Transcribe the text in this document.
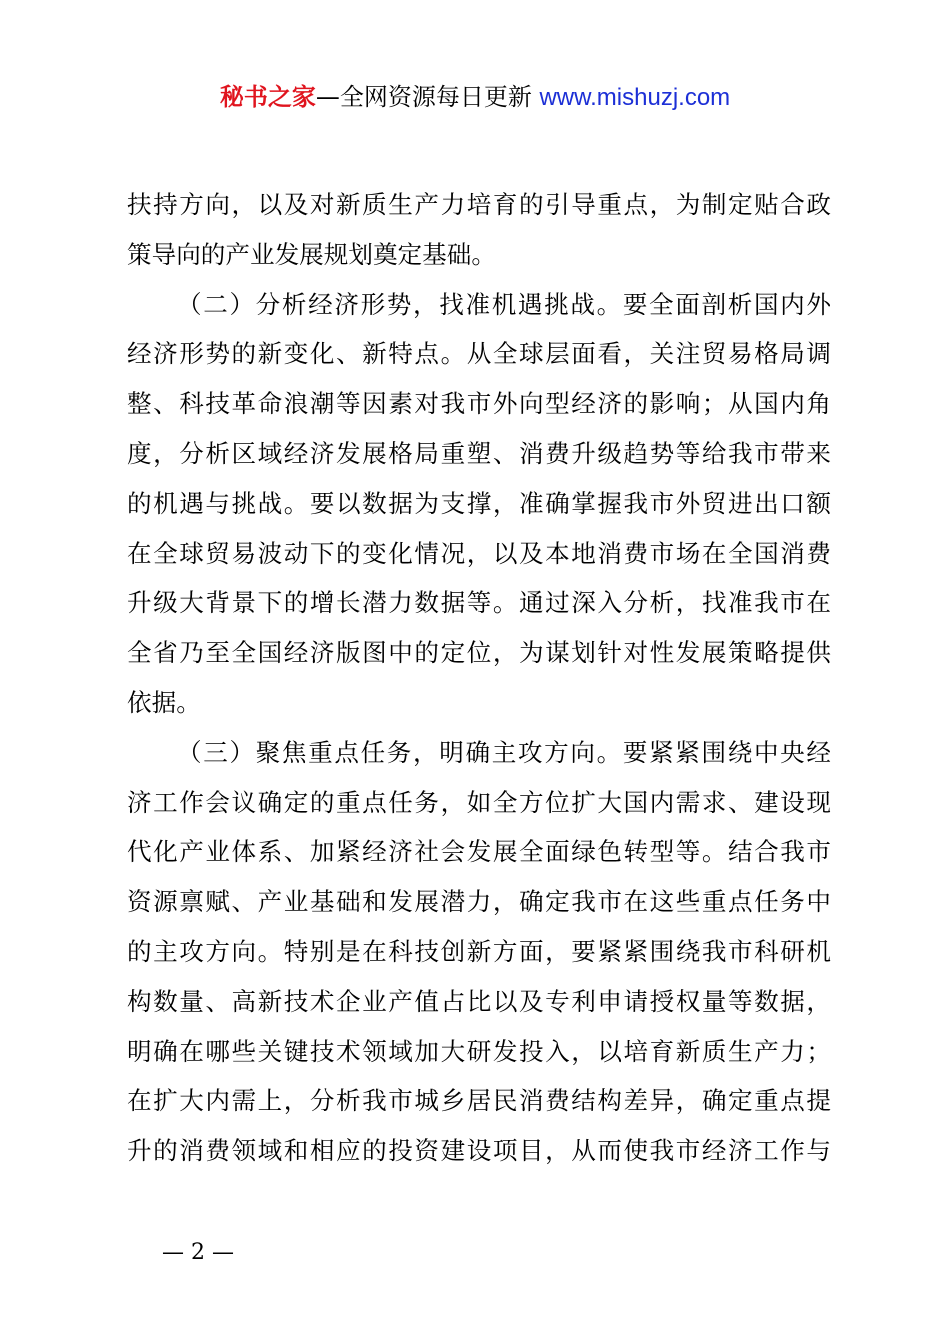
秘书之家—全网资源每日更新 www.mishuzj.com
扶持方向，以及对新质生产力培育的引导重点，为制定贴合政
策导向的产业发展规划奠定基础。
（二）分析经济形势，找准机遇挑战。要全面剖析国内外
经济形势的新变化、新特点。从全球层面看，关注贸易格局调
整、科技革命浪潮等因素对我市外向型经济的影响；从国内角
度，分析区域经济发展格局重塑、消费升级趋势等给我市带来
的机遇与挑战。要以数据为支撑，准确掌握我市外贸进出口额
在全球贸易波动下的变化情况，以及本地消费市场在全国消费
升级大背景下的增长潜力数据等。通过深入分析，找准我市在
全省乃至全国经济版图中的定位，为谋划针对性发展策略提供
依据。
（三）聚焦重点任务，明确主攻方向。要紧紧围绕中央经
济工作会议确定的重点任务，如全方位扩大国内需求、建设现
代化产业体系、加紧经济社会发展全面绿色转型等。结合我市
资源禀赋、产业基础和发展潜力，确定我市在这些重点任务中
的主攻方向。特别是在科技创新方面，要紧紧围绕我市科研机
构数量、高新技术企业产值占比以及专利申请授权量等数据，
明确在哪些关键技术领域加大研发投入，以培育新质生产力；
在扩大内需上，分析我市城乡居民消费结构差异，确定重点提
升的消费领域和相应的投资建设项目，从而使我市经济工作与
— 2 —
